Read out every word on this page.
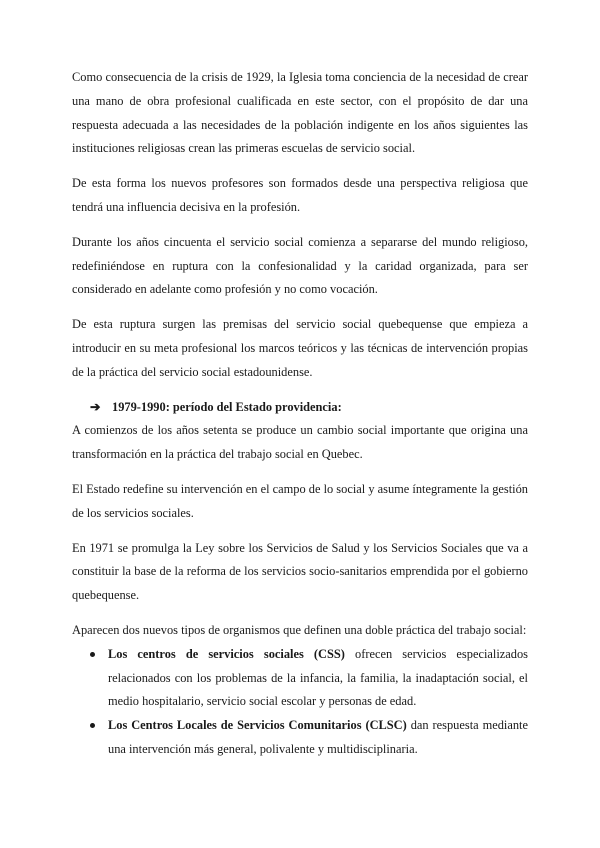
Como consecuencia de la crisis de 1929, la Iglesia toma conciencia de la necesidad de crear una mano de obra profesional cualificada en este sector, con el propósito de dar una respuesta adecuada a las necesidades de la población indigente en los años siguientes las instituciones religiosas crean las primeras escuelas de servicio social.

De esta forma los nuevos profesores son formados desde una perspectiva religiosa que tendrá una influencia decisiva en la profesión.

Durante los años cincuenta el servicio social comienza a separarse del mundo religioso, redefiniéndose en ruptura con la confesionalidad y la caridad organizada, para ser considerado en adelante como profesión y no como vocación.

De esta ruptura surgen las premisas del servicio social quebequense que empieza a introducir en su meta profesional los marcos teóricos y las técnicas de intervención propias de la práctica del servicio social estadounidense.

➔ 1979-1990: período del Estado providencia:

A comienzos de los años setenta se produce un cambio social importante que origina una transformación en la práctica del trabajo social en Quebec.

El Estado redefine su intervención en el campo de lo social y asume íntegramente la gestión de los servicios sociales.

En 1971 se promulga la Ley sobre los Servicios de Salud y los Servicios Sociales que va a constituir la base de la reforma de los servicios socio-sanitarios emprendida por el gobierno quebequense.

Aparecen dos nuevos tipos de organismos que definen una doble práctica del trabajo social:

Los centros de servicios sociales (CSS) ofrecen servicios especializados relacionados con los problemas de la infancia, la familia, la inadaptación social, el medio hospitalario, servicio social escolar y personas de edad.
Los Centros Locales de Servicios Comunitarios (CLSC) dan respuesta mediante una intervención más general, polivalente y multidisciplinaria.
